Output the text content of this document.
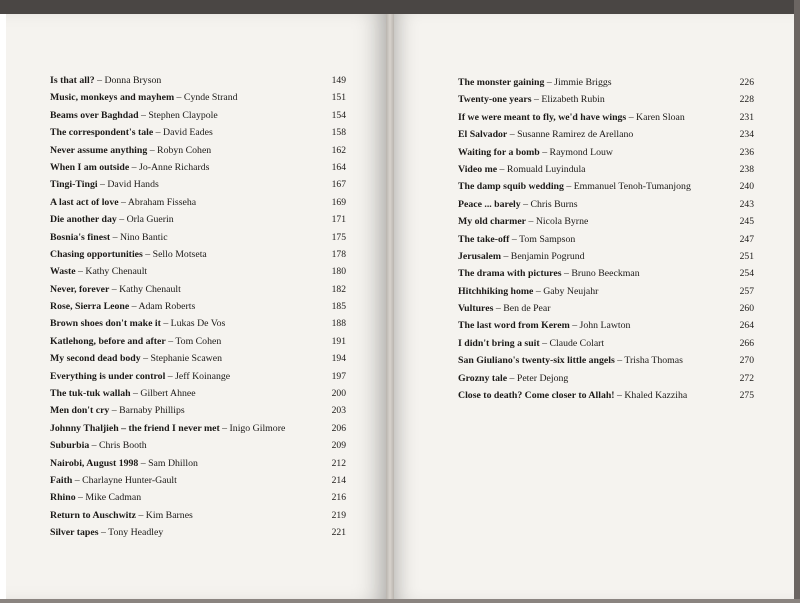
Is that all? – Donna Bryson	149
Music, monkeys and mayhem – Cynde Strand	151
Beams over Baghdad – Stephen Claypole	154
The correspondent's tale – David Eades	158
Never assume anything – Robyn Cohen	162
When I am outside – Jo-Anne Richards	164
Tingi-Tingi – David Hands	167
A last act of love – Abraham Fisseha	169
Die another day – Orla Guerin	171
Bosnia's finest – Nino Bantic	175
Chasing opportunities – Sello Motseta	178
Waste – Kathy Chenault	180
Never, forever – Kathy Chenault	182
Rose, Sierra Leone – Adam Roberts	185
Brown shoes don't make it – Lukas De Vos	188
Katlehong, before and after – Tom Cohen	191
My second dead body – Stephanie Scawen	194
Everything is under control – Jeff Koinange	197
The tuk-tuk wallah – Gilbert Ahnee	200
Men don't cry – Barnaby Phillips	203
Johnny Thaljieh – the friend I never met – Inigo Gilmore	206
Suburbia – Chris Booth	209
Nairobi, August 1998 – Sam Dhillon	212
Faith – Charlayne Hunter-Gault	214
Rhino – Mike Cadman	216
Return to Auschwitz – Kim Barnes	219
Silver tapes – Tony Headley	221
The monster gaining – Jimmie Briggs	226
Twenty-one years – Elizabeth Rubin	228
If we were meant to fly, we'd have wings – Karen Sloan	231
El Salvador – Susanne Ramirez de Arellano	234
Waiting for a bomb – Raymond Louw	236
Video me – Romuald Luyindula	238
The damp squib wedding – Emmanuel Tenoh-Tumanjong	240
Peace ... barely – Chris Burns	243
My old charmer – Nicola Byrne	245
The take-off – Tom Sampson	247
Jerusalem – Benjamin Pogrund	251
The drama with pictures – Bruno Beeckman	254
Hitchhiking home – Gaby Neujahr	257
Vultures – Ben de Pear	260
The last word from Kerem – John Lawton	264
I didn't bring a suit – Claude Colart	266
San Giuliano's twenty-six little angels – Trisha Thomas	270
Grozny tale – Peter Dejong	272
Close to death? Come closer to Allah! – Khaled Kazziha	275
